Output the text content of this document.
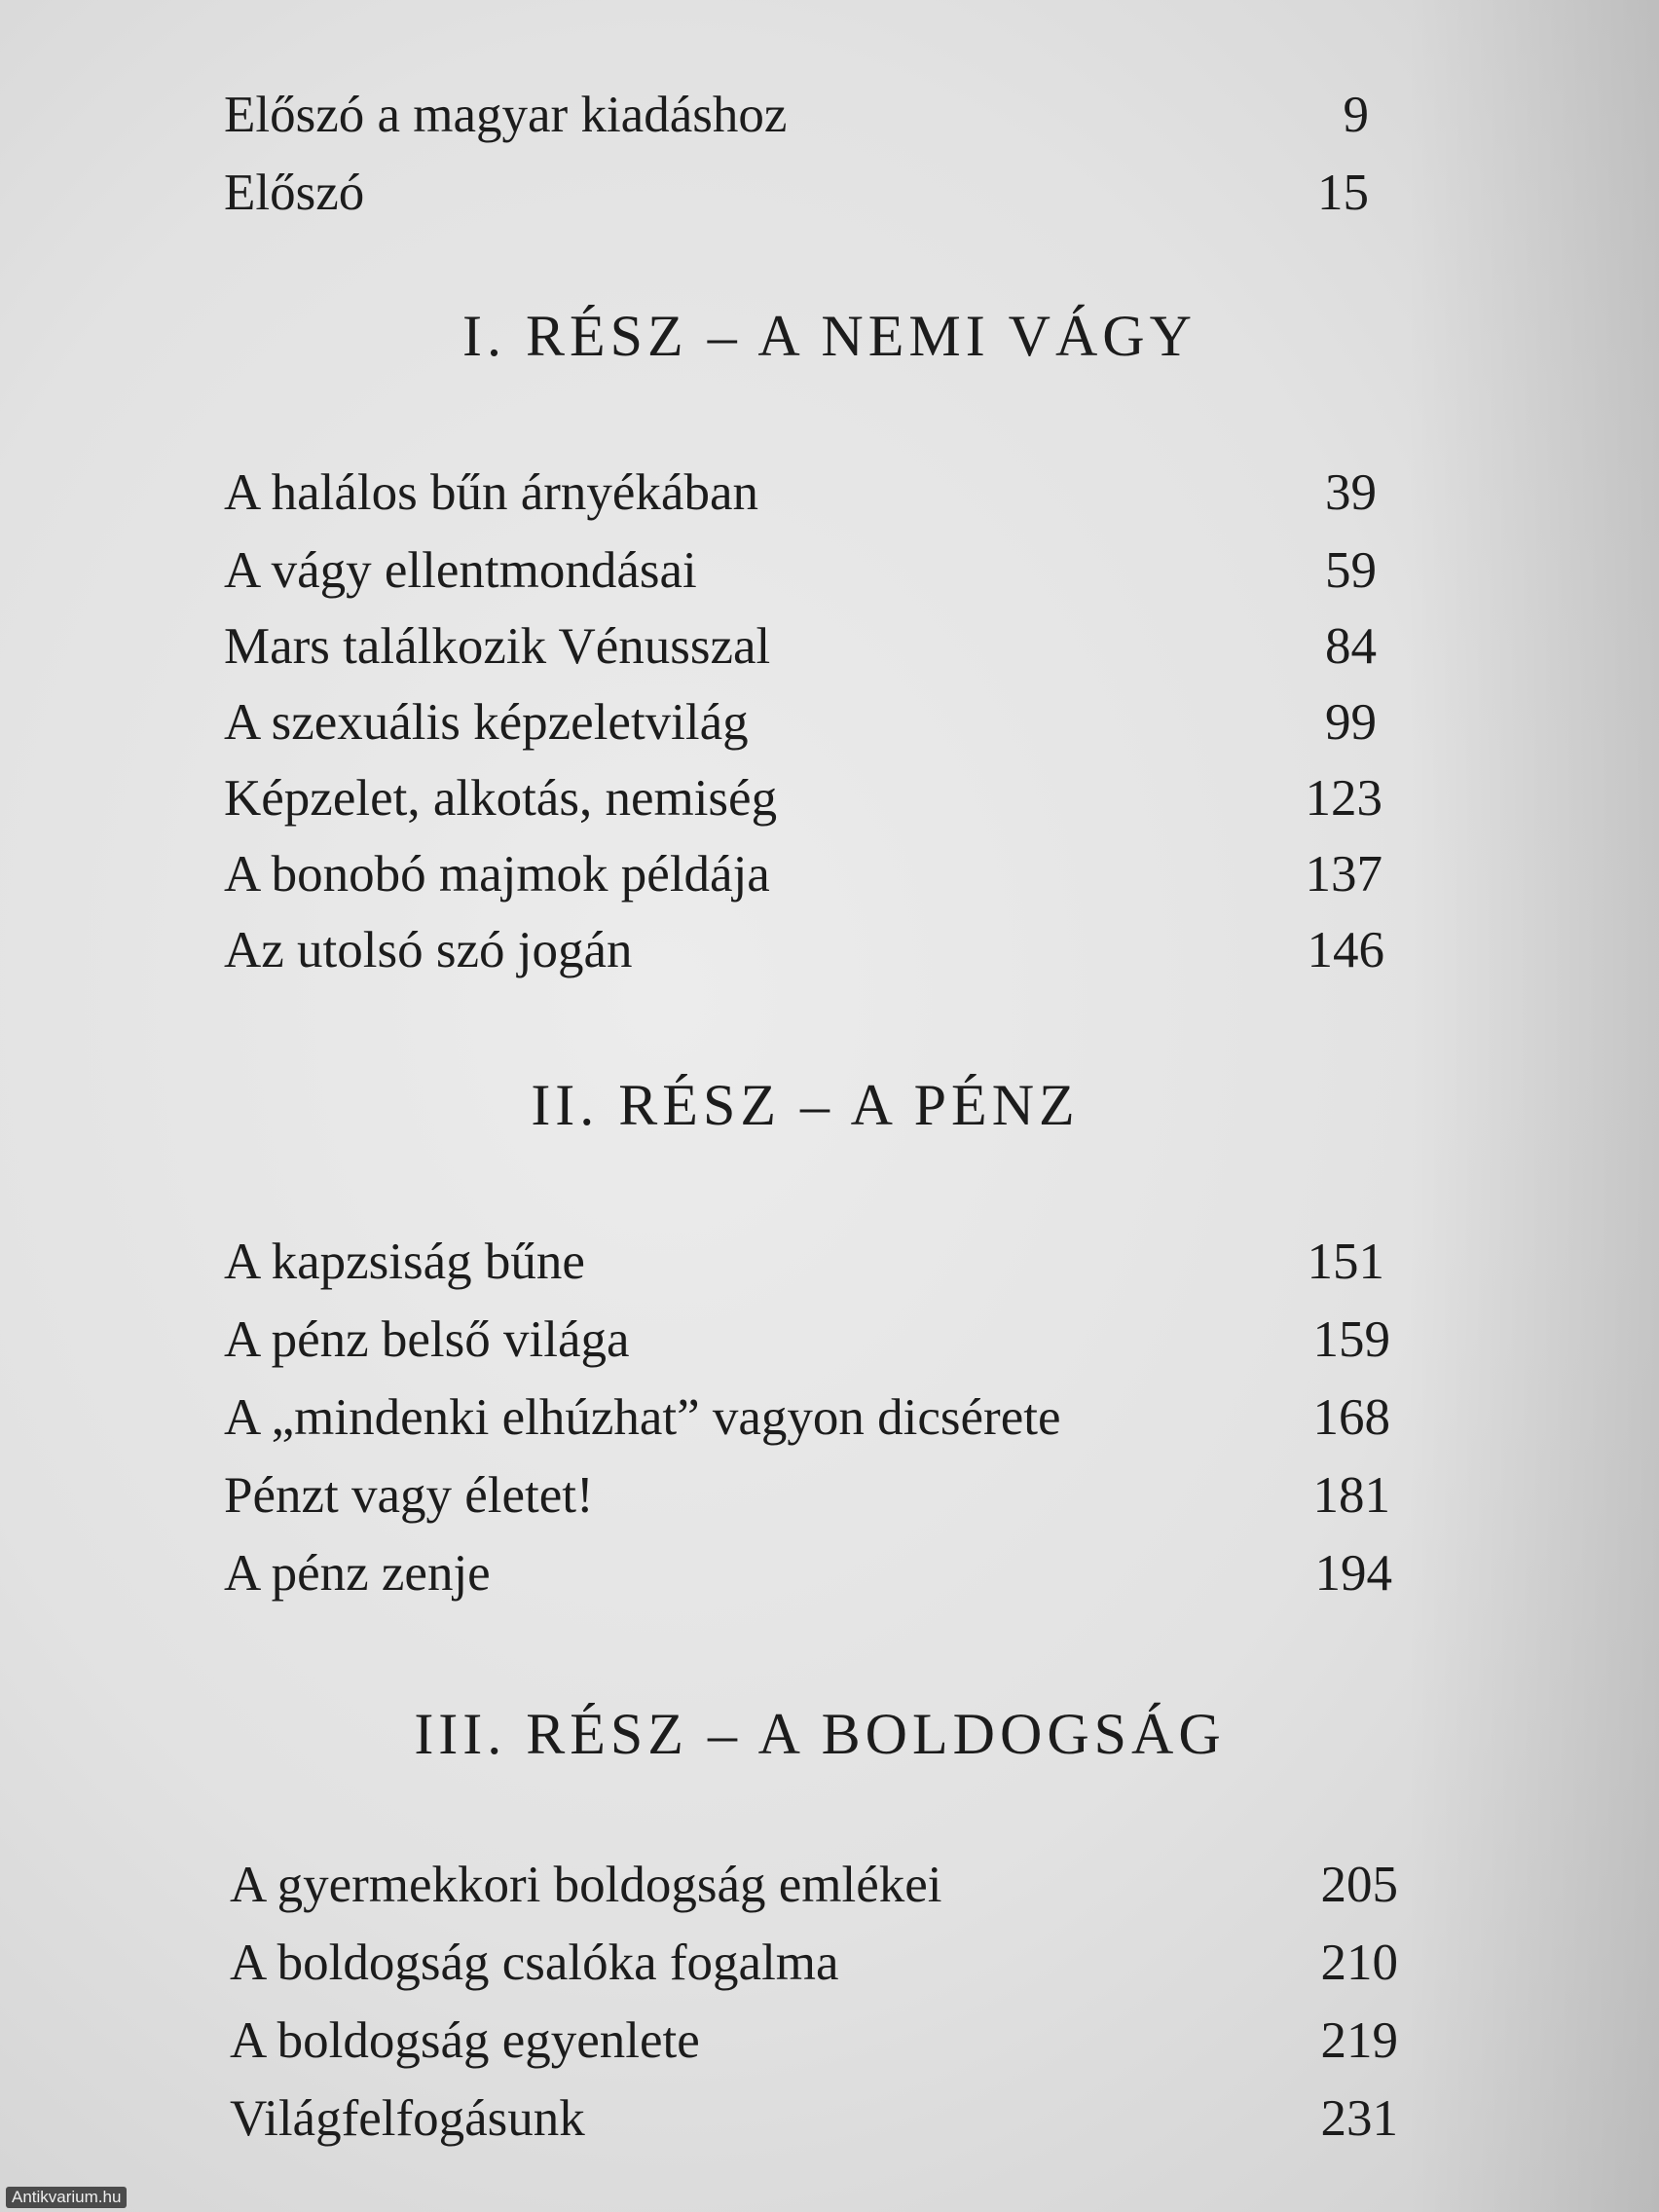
Előszó a magyar kiadáshoz	9
Előszó	15
I. RÉSZ – A NEMI VÁGY
A halálos bűn árnyékában	39
A vágy ellentmondásai	59
Mars találkozik Vénusszal	84
A szexuális képzeletvilág	99
Képzelet, alkotás, nemiség	123
A bonobó majmok példája	137
Az utolsó szó jogán	146
II. RÉSZ – A PÉNZ
A kapzsiság bűne	151
A pénz belső világa	159
A „mindenki elhúzhat” vagyon dicsérete	168
Pénzt vagy életet!	181
A pénz zenje	194
III. RÉSZ – A BOLDOGSÁG
A gyermekkori boldogság emlékei	205
A boldogság csalóka fogalma	210
A boldogság egyenlete	219
Világfelfogásunk	231
Antikvarium.hu
